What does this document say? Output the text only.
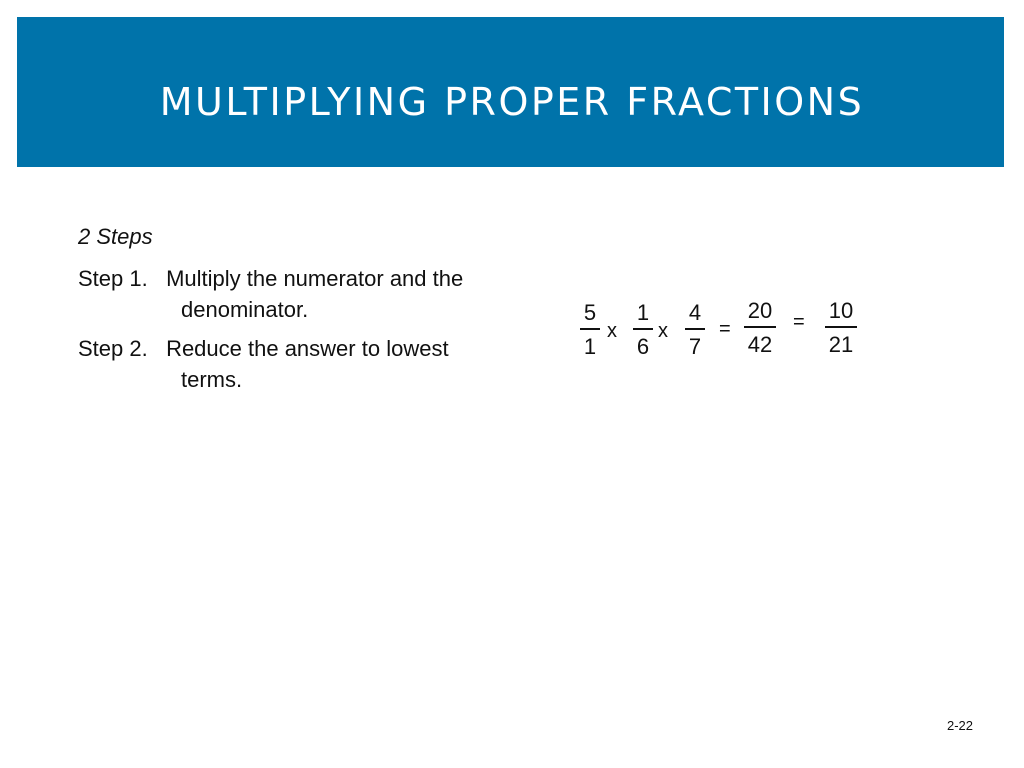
MULTIPLYING PROPER FRACTIONS
2 Steps
Step 1. Multiply the numerator and the
denominator.
Step 2. Reduce the answer to lowest
terms.
$\frac{5}{1}$ x $\frac{1}{6}$ x $\frac{4}{7} = \frac{20}{42} = \frac{10}{21}$
2-22
